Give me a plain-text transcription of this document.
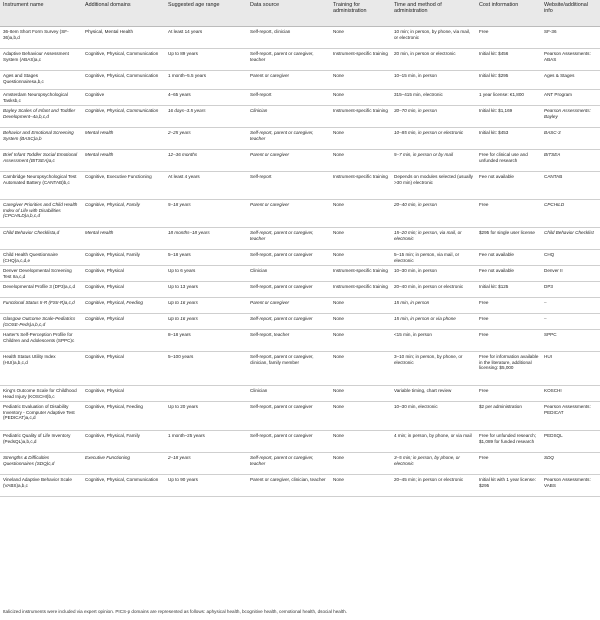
Instrument name	Additional domains	Suggested age range	Data source	Training for administration	Time and method of administration	Cost information	Website/additional info
36-Item Short Form Survey (SF-36)a,b,d	Physical, Mental Health	At least 14 years	Self-report, clinician	None	10 min; in person, by phone, via mail, or electronic	Free	SF-36
Adaptive Behaviour Assessment System (ABAS)a,c	Cognitive, Physical, Communication	Up to 89 years	Self-report, parent or caregiver, teacher	Instrument-specific training	20 min, in person or electronic	Initial kit: $456	Pearson Assessments: ABAS
Ages and Stages Questionnairesa,b,c	Cognitive, Physical, Communication	1 month–5.5 years	Parent or caregiver	None	10–15 min, in person	Initial kit: $295	Ages & Stages
Amsterdam Neuropsychological Tasksb,c	Cognitive	4–65 years	Self-report	None	315–415 min, electronic	1 year license: €1,800	ANT Program
Bayley Scales of Infant and Toddler Development–4a,b,c,d	Cognitive, Physical, Communication	16 days–3.5 years	Clinician	Instrument-specific training	30–70 min, in person	Initial kit: $1,169	Pearson Assessments: Bayley
Behavior and Emotional Screening System (BASC)a,b	Mental Health	2–25 years	Self-report, parent or caregiver, teacher	None	10–85 min, in person or electronic	Initial kit: $453	BASC-3
Brief Infant Toddler Social Emotional Assessment (BITSEA)a,c	Mental Health	12–36 months	Parent or caregiver	None	5–7 min, in person or by mail	Free for clinical use and unfunded research	BITSEA
Cambridge Neuropsychological Test Automated Battery (CANTAB)b,c	Cognitive, Executive Functioning	At least 4 years	Self-report	Instrument-specific training	Depends on modules selected (usually >30 min) electronic	Fee not available	CANTAB
Caregiver Priorities and Child Health Index of Life with Disabilities (CPCHILD)a,b,c,d	Cognitive, Physical, Family	5–18 years	Parent or caregiver	None	20–40 min, in person	Free	CPCHILD
Child Behavior Checklista,d	Mental Health	18 months–18 years	Self-report, parent or caregiver, teacher	None	15–20 min; in person, via mail, or electronic	$295 for single user license	Child Behavior Checklist
Child Health Questionnaire (CHQ)a,c,d,e	Cognitive, Physical, Family	5–18 years	Self-report, parent or caregiver	None	5–15 min; in person, via mail, or electronic	Fee not available	CHQ
Denver Developmental Screening Test IIa,c,d	Cognitive, Physical	Up to 6 years	Clinician	Instrument-specific training	10–30 min, in person	Fee not available	Denver II
Developmental Profile 3 (DP3)a,c,d	Cognitive, Physical	Up to 13 years	Self-report, parent or caregiver	Instrument-specific training	20–40 min, in person or electronic	Initial kit: $125	DP3
Functional Status II-R (FSII-R)a,c,d	Cognitive, Physical, Feeding	Up to 16 years	Parent or caregiver	None	15 min, in person	Free	–
Glasgow Outcome Scale-Pediatrics (GOSE-Peds)a,b,c,d	Cognitive, Physical	Up to 16 years	Self-report, parent or caregiver	None	15 min, in person or via phone	Free	–
Harter's Self-Perception Profile for Children and Adolescents (SPPC)c		8–18 years	Self-report, teacher	None	<15 min, in person	Free	SPPC
Health Status Utility Index (HUI)a,b,c,d	Cognitive, Physical	5–100 years	Self-report, parent or caregiver, clinician, family member	None	3–10 min; in person, by phone, or electronic	Free for information available in the literature, additional licensing: $5,000	HUI
King's Outcome Scale for Childhood Head Injury (KOSCHI)b,c	Cognitive, Physical		Clinician	None	Variable timing, chart review	Free	KOSCHI
Pediatric Evaluation of Disability Inventory - Computer Adaptive Test (PEDICAT)a,c,d	Cognitive, Physical, Feeding	Up to 20 years	Self-report, parent or caregiver	None	10–30 min, electronic	$2 per administration	Pearson Assessments: PEDICAT
Pediatric Quality of Life Inventory (PedsQL)a,b,c,d	Cognitive, Physical, Family	1 month–25 years	Self-report, parent or caregiver	None	4 min; in person, by phone, or via mail	Free for unfunded research; $1,089 for funded research	PEDSQL
Strengths & Difficulties Questionnaires (SDQ)c,d	Executive Functioning	2–18 years	Self-report, parent or caregiver, teacher	None	3–5 min; in person, by phone, or electronic	Free	SDQ
Vineland Adaptive Behavior Scale (VABS)a,b,c	Cognitive, Physical, Communication	Up to 90 years	Parent or caregiver, clinician, teacher	None	20–45 min; in person or electronic	Initial kit with 1 year license: $295	Pearson Assessments: VABS
Italicized instruments were included via expert opinion. PICS-p domains are represented as follows: aphysical health, bcognitive health, cemotional health, dsocial health.
